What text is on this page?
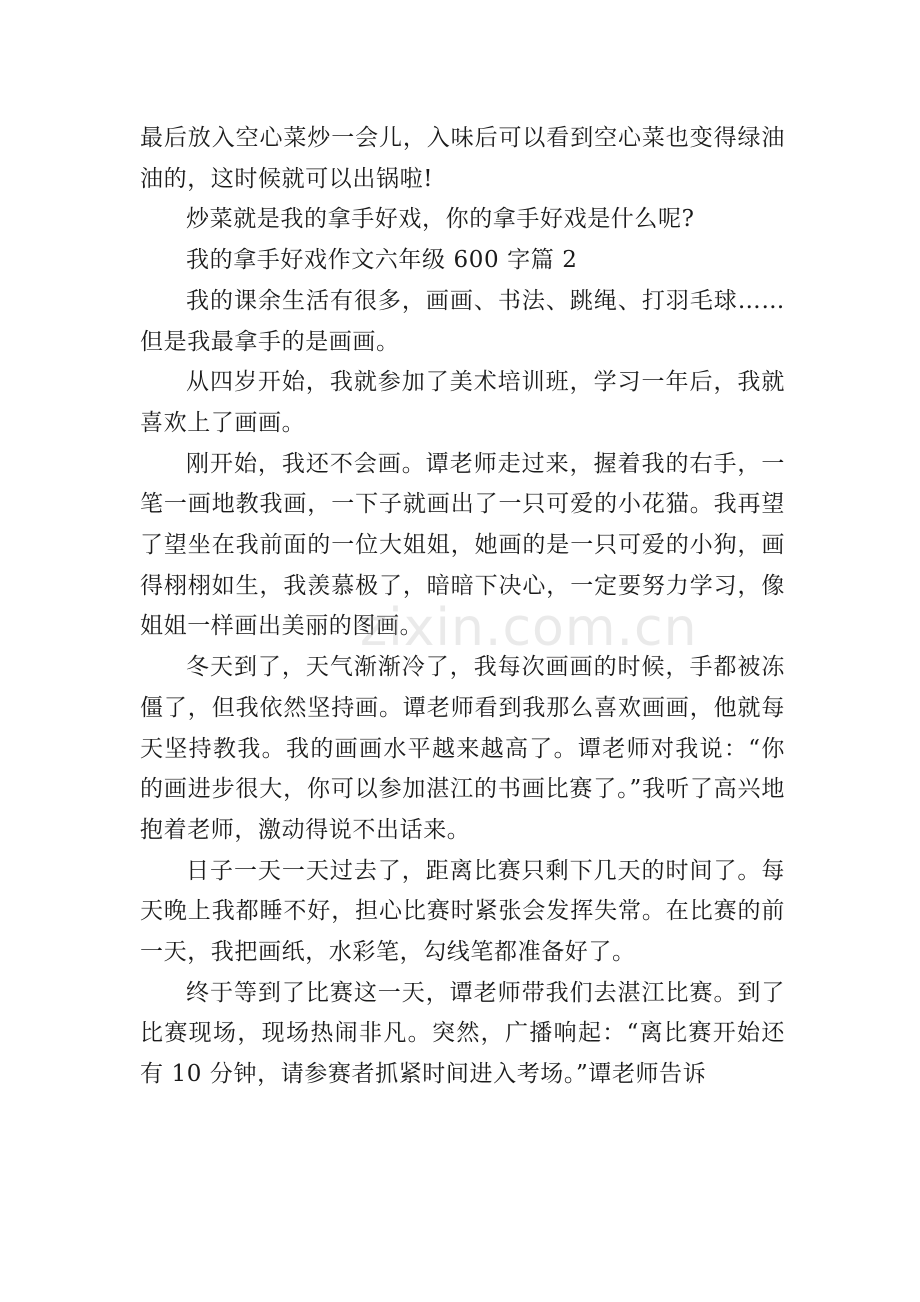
最后放入空心菜炒一会儿，入味后可以看到空心菜也变得绿油油的，这时候就可以出锅啦!

炒菜就是我的拿手好戏，你的拿手好戏是什么呢?

我的拿手好戏作文六年级 600 字篇 2

我的课余生活有很多，画画、书法、跳绳、打羽毛球……但是我最拿手的是画画。

从四岁开始，我就参加了美术培训班，学习一年后，我就喜欢上了画画。

刚开始，我还不会画。谭老师走过来，握着我的右手，一笔一画地教我画，一下子就画出了一只可爱的小花猫。我再望了望坐在我前面的一位大姐姐，她画的是一只可爱的小狗，画得栩栩如生，我羡慕极了，暗暗下决心，一定要努力学习，像姐姐一样画出美丽的图画。

冬天到了，天气渐渐冷了，我每次画画的时候，手都被冻僵了，但我依然坚持画。谭老师看到我那么喜欢画画，他就每天坚持教我。我的画画水平越来越高了。谭老师对我说：“你的画进步很大，你可以参加湛江的书画比赛了。”我听了高兴地抱着老师，激动得说不出话来。

日子一天一天过去了，距离比赛只剩下几天的时间了。每天晚上我都睡不好，担心比赛时紧张会发挥失常。在比赛的前一天，我把画纸，水彩笔，勾线笔都准备好了。

终于等到了比赛这一天，谭老师带我们去湛江比赛。到了比赛现场，现场热闹非凡。突然，广播响起：“离比赛开始还有 10 分钟，请参赛者抓紧时间进入考场。”谭老师告诉

zixin.com.cn
